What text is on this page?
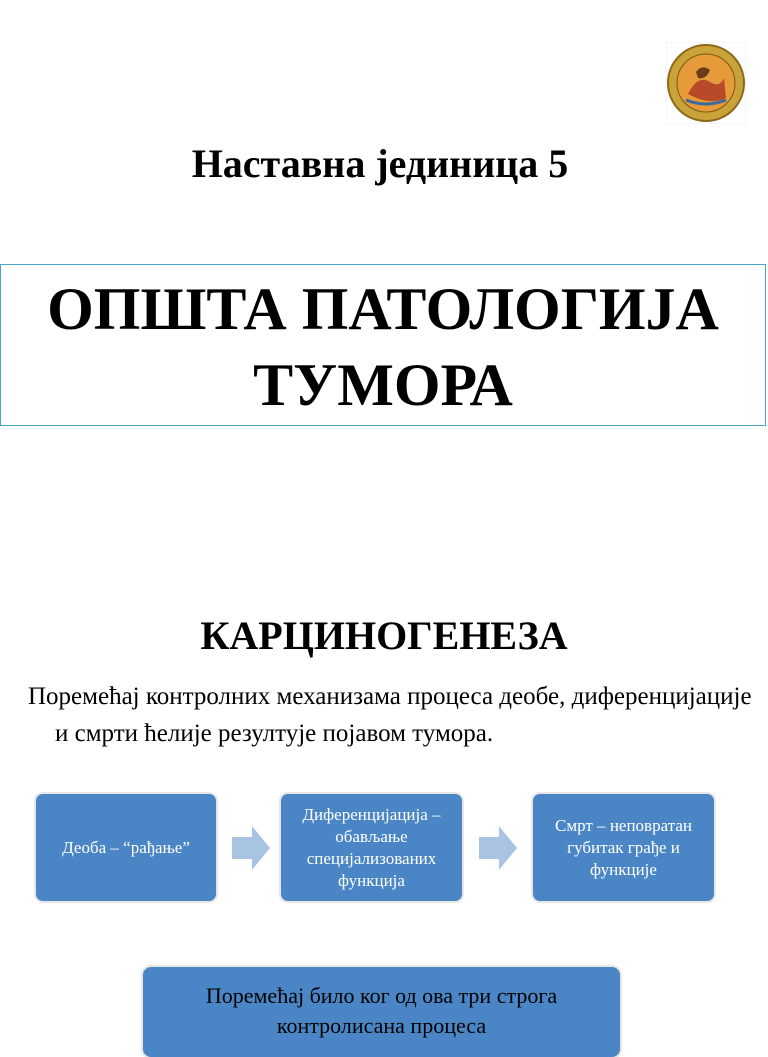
Наставна јединица 5
ОПШТА ПАТОЛОГИЈА
ТУМОРА
КАРЦИНОГЕНЕЗА
Поремећај контролних механизама процеса деобе, диференцијације и смрти ћелије резултује појавом тумора.
Деоба – “рађање”
Диференцијација – обављање специјализованих функција
Смрт – неповратан губитак грађе и функције
Поремећај било ког од ова три строга
контролисана процеса
